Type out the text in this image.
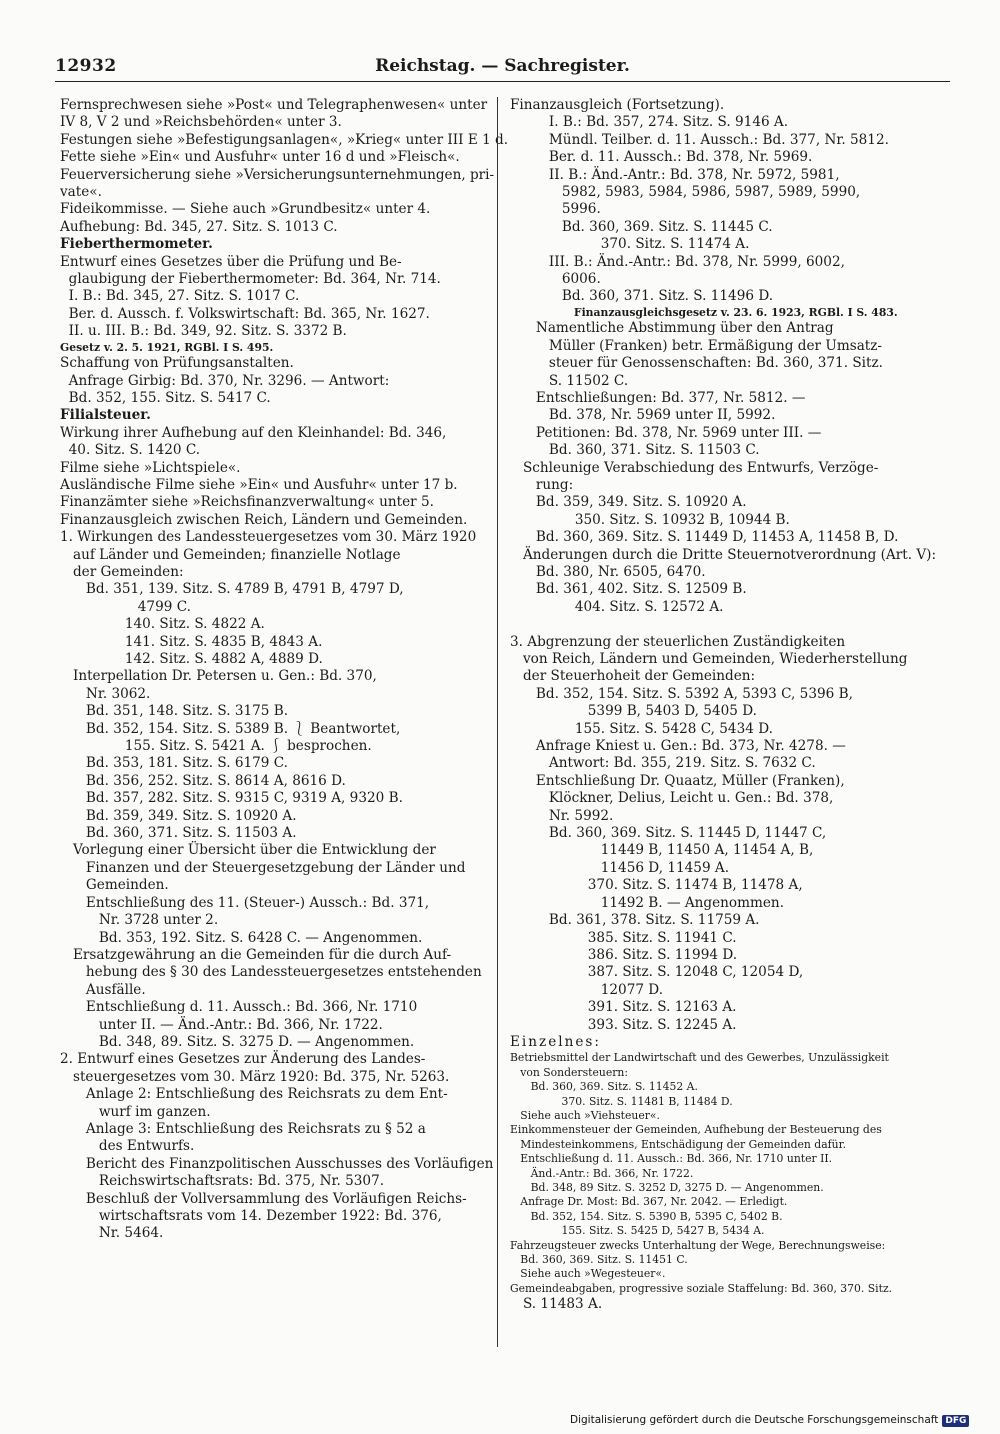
12932	Reichstag. — Sachregister.
Fernsprechwesen siehe »Post« und Telegraphenwesen« unter
IV 8, V 2 und »Reichsbehörden« unter 3.
Festungen siehe »Befestigungsanlagen«, »Krieg« unter III E 1 d.
Fette siehe »Ein« und Ausfuhr« unter 16 d und »Fleisch«.
Feuerversicherung siehe »Versicherungsunternehmungen, pri-
vate«.
Fideikommisse. — Siehe auch »Grundbesitz« unter 4.
Aufhebung: Bd. 345, 27. Sitz. S. 1013 C.
Fieberthermometer.
Entwurf eines Gesetzes über die Prüfung und Be-
glaubigung der Fieberthermometer: Bd. 364, Nr. 714.
I. B.: Bd. 345, 27. Sitz. S. 1017 C.
Ber. d. Aussch. f. Volkswirtschaft: Bd. 365, Nr. 1627.
II. u. III. B.: Bd. 349, 92. Sitz. S. 3372 B.
Gesetz v. 2. 5. 1921, RGBl. I S. 495.
Schaffung von Prüfungsanstalten.
Anfrage Girbig: Bd. 370, Nr. 3296. — Antwort:
Bd. 352, 155. Sitz. S. 5417 C.
Filialsteuer.
Wirkung ihrer Aufhebung auf den Kleinhandel: Bd. 346,
40. Sitz. S. 1420 C.
Filme siehe »Lichtspiele«.
Ausländische Filme siehe »Ein« und Ausfuhr« unter 17 b.
Finanzämter siehe »Reichsfinanzverwaltung« unter 5.
Finanzausgleich zwischen Reich, Ländern und Gemeinden.
1. Wirkungen des Landessteuergesetzes vom 30. März 1920
auf Länder und Gemeinden; finanzielle Notlage
der Gemeinden:
Bd. 351, 139. Sitz. S. 4789 B, 4791 B, 4797 D,
4799 C.
140. Sitz. S. 4822 A.
141. Sitz. S. 4835 B, 4843 A.
142. Sitz. S. 4882 A, 4889 D.
Interpellation Dr. Petersen u. Gen.: Bd. 370,
Nr. 3062.
Bd. 351, 148. Sitz. S. 3175 B.
Bd. 352, 154. Sitz. S. 5389 B. ⎱ Beantwortet,
155. Sitz. S. 5421 A. ⎰ besprochen.
Bd. 353, 181. Sitz. S. 6179 C.
Bd. 356, 252. Sitz. S. 8614 A, 8616 D.
Bd. 357, 282. Sitz. S. 9315 C, 9319 A, 9320 B.
Bd. 359, 349. Sitz. S. 10920 A.
Bd. 360, 371. Sitz. S. 11503 A.
Vorlegung einer Übersicht über die Entwicklung der
Finanzen und der Steuergesetzgebung der Länder und
Gemeinden.
Entschließung des 11. (Steuer-) Aussch.: Bd. 371,
Nr. 3728 unter 2.
Bd. 353, 192. Sitz. S. 6428 C. — Angenommen.
Ersatzgewährung an die Gemeinden für die durch Auf-
hebung des § 30 des Landessteuergesetzes entstehenden
Ausfälle.
Entschließung d. 11. Aussch.: Bd. 366, Nr. 1710
unter II. — Änd.-Antr.: Bd. 366, Nr. 1722.
Bd. 348, 89. Sitz. S. 3275 D. — Angenommen.
2. Entwurf eines Gesetzes zur Änderung des Landes-
steuergesetzes vom 30. März 1920: Bd. 375, Nr. 5263.
Anlage 2: Entschließung des Reichsrats zu dem Ent-
wurf im ganzen.
Anlage 3: Entschließung des Reichsrats zu § 52 a
des Entwurfs.
Bericht des Finanzpolitischen Ausschusses des Vorläufigen
Reichswirtschaftsrats: Bd. 375, Nr. 5307.
Beschluß der Vollversammlung des Vorläufigen Reichs-
wirtschaftsrats vom 14. Dezember 1922: Bd. 376,
Nr. 5464.
Finanzausgleich (Fortsetzung).
I. B.: Bd. 357, 274. Sitz. S. 9146 A.
Mündl. Teilber. d. 11. Aussch.: Bd. 377, Nr. 5812.
Ber. d. 11. Aussch.: Bd. 378, Nr. 5969.
II. B.: Änd.-Antr.: Bd. 378, Nr. 5972, 5981,
5982, 5983, 5984, 5986, 5987, 5989, 5990,
5996.
Bd. 360, 369. Sitz. S. 11445 C.
370. Sitz. S. 11474 A.
III. B.: Änd.-Antr.: Bd. 378, Nr. 5999, 6002,
6006.
Bd. 360, 371. Sitz. S. 11496 D.
Finanzausgleichsgesetz v. 23. 6. 1923, RGBl. I S. 483.
Namentliche Abstimmung über den Antrag
Müller (Franken) betr. Ermäßigung der Umsatz-
steuer für Genossenschaften: Bd. 360, 371. Sitz.
S. 11502 C.
Entschließungen: Bd. 377, Nr. 5812. —
Bd. 378, Nr. 5969 unter II, 5992.
Petitionen: Bd. 378, Nr. 5969 unter III. —
Bd. 360, 371. Sitz. S. 11503 C.
Schleunige Verabschiedung des Entwurfs, Verzöge-
rung:
Bd. 359, 349. Sitz. S. 10920 A.
350. Sitz. S. 10932 B, 10944 B.
Bd. 360, 369. Sitz. S. 11449 D, 11453 A, 11458 B, D.
Änderungen durch die Dritte Steuernotverordnung (Art. V):
Bd. 380, Nr. 6505, 6470.
Bd. 361, 402. Sitz. S. 12509 B.
404. Sitz. S. 12572 A.

3. Abgrenzung der steuerlichen Zuständigkeiten
von Reich, Ländern und Gemeinden, Wiederherstellung
der Steuerhoheit der Gemeinden:
Bd. 352, 154. Sitz. S. 5392 A, 5393 C, 5396 B,
5399 B, 5403 D, 5405 D.
155. Sitz. S. 5428 C, 5434 D.
Anfrage Kniest u. Gen.: Bd. 373, Nr. 4278. —
Antwort: Bd. 355, 219. Sitz. S. 7632 C.
Entschließung Dr. Quaatz, Müller (Franken),
Klöckner, Delius, Leicht u. Gen.: Bd. 378,
Nr. 5992.
Bd. 360, 369. Sitz. S. 11445 D, 11447 C,
11449 B, 11450 A, 11454 A, B,
11456 D, 11459 A.
370. Sitz. S. 11474 B, 11478 A,
11492 B. — Angenommen.
Bd. 361, 378. Sitz. S. 11759 A.
385. Sitz. S. 11941 C.
386. Sitz. S. 11994 D.
387. Sitz. S. 12048 C, 12054 D,
12077 D.
391. Sitz. S. 12163 A.
393. Sitz. S. 12245 A.
Einzelnes:
Betriebsmittel der Landwirtschaft und des Gewerbes, Unzulässigkeit
von Sondersteuern:
Bd. 360, 369. Sitz. S. 11452 A.
370. Sitz. S. 11481 B, 11484 D.
Siehe auch »Viehsteuer«.
Einkommensteuer der Gemeinden, Aufhebung der Besteuerung des
Mindesteinkommens, Entschädigung der Gemeinden dafür.
Entschließung d. 11. Aussch.: Bd. 366, Nr. 1710 unter II.
Änd.-Antr.: Bd. 366, Nr. 1722.
Bd. 348, 89 Sitz. S. 3252 D, 3275 D. — Angenommen.
Anfrage Dr. Most: Bd. 367, Nr. 2042. — Erledigt.
Bd. 352, 154. Sitz. S. 5390 B, 5395 C, 5402 B.
155. Sitz. S. 5425 D, 5427 B, 5434 A.
Fahrzeugsteuer zwecks Unterhaltung der Wege, Berechnungsweise:
Bd. 360, 369. Sitz. S. 11451 C.
Siehe auch »Wegesteuer«.
Gemeindeabgaben, progressive soziale Staffelung: Bd. 360, 370. Sitz.
S. 11483 A.
Digitalisierung gefördert durch die Deutsche Forschungsgemeinschaft DFG
